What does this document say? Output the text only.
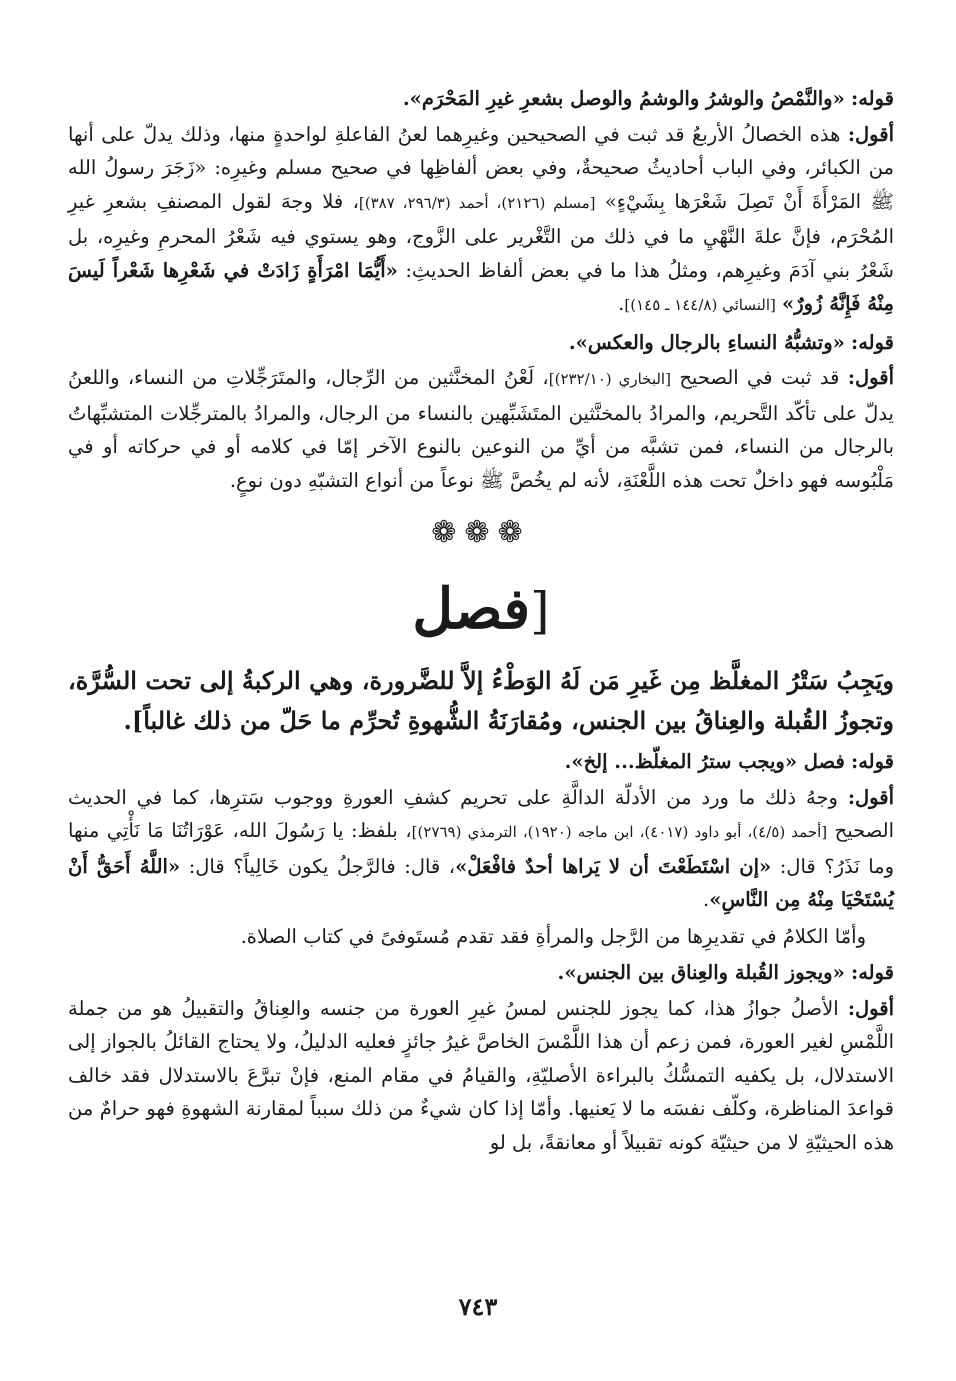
قوله: «والنَّمْصُ والوشرُ والوشمُ والوصل بشعرِ غيرِ المَحْرَم».

أقول: هذه الخصالُ الأربعُ قد ثبت في الصحيحين وغيرِهما لعنُ الفاعلةِ لواحدةٍ منها، وذلك يدلّ على أنها من الكبائر، وفي الباب أحاديثُ صحيحةٌ، وفي بعض ألفاظِها في صحيح مسلم وغيرِه: «زَجَرَ رسولُ الله ﷺ المَرْأَةَ أَنْ تَصِلَ شَعْرَها بِشَيْءٍ» [مسلم (٢١٢٦)، أحمد (٢٩٦/٣، ٣٨٧)]، فلا وجهَ لقول المصنفِ بشعرِ غيرِ المُحْرَم، فإنَّ علةَ النَّهْيِ ما في ذلك من التَّغْرير على الزَّوج، وهو يستوي فيه شَعْرُ المحرمِ وغيرِه، بل شَعْرُ بني آدَمَ وغيرِهم، ومثلُ هذا ما في بعض ألفاظ الحديثِ: «أَيُّمَا امْرَأَةٍ زَادَتْ في شَعْرِها شَعْراً لَيسَ مِنْهُ فَإِنَّهُ زُورٌ» [النسائي (١٤٤/٨ ـ ١٤٥)].

قوله: «وتشبُّهُ النساءِ بالرجال والعكس».

أقول: قد ثبت في الصحيح [البخاري (٢٣٢/١٠)]، لَعْنُ المخنَّثين من الرِّجال، والمتَرَجِّلاتِ من النساء، واللعنُ يدلّ على تأكّد التَّحريم، والمرادُ بالمخنَّثين المتَشَبِّهين بالنساء من الرجال، والمرادُ بالمترجِّلات المتشبِّهاتُ بالرجال من النساء، فمن تشبَّه من أيِّ من النوعين بالنوع الآخر إمّا في كلامه أو في حركاته أو في مَلْبُوسه فهو داخلٌ تحت هذه اللَّعْنَةِ، لأنه لم يخُصَّ ﷺ نوعاً من أنواع التشبّهِ دون نوعٍ.

❁❁❁
[فصل

ويَجِبُ سَتْرُ المغلَّظ مِن غَيرِ مَن لَهُ الوَطْءُ إلاَّ للضَّرورة، وهي الركبةُ إلى تحت السُّرَّة، وتجوزُ القُبلة والعِناقُ بين الجنس، ومُقارَنَةُ الشُّهوةِ تُحرِّم ما حَلّ من ذلك غالباً].

قوله: فصل «ويجب سترُ المغلّظ... إلخ».

أقول: وجهُ ذلك ما ورد من الأدلّة الدالَّةِ على تحريم كشفِ العورةِ ووجوب سَترِها، كما في الحديث الصحيح [أحمد (٤/٥)، أبو داود (٤٠١٧)، ابن ماجه (١٩٢٠)، الترمذي (٢٧٦٩)]، بلفظ: يا رَسُولَ الله، عَوْرَاتُنَا مَا نَأْتِي منها وما نَذَرُ؟ قال: «إن اسْتَطَعْتَ أن لا يَراها أحدٌ فافْعَلْ»، قال: فالرَّجلُ يكون خَالِياً؟ قال: «اللَّهُ أَحَقُّ أَنْ يُسْتَحْيَا مِنْهُ مِن النَّاسِ».

وأمّا الكلامُ في تقديرِها من الرَّجل والمرأةِ فقد تقدم مُستَوفىً في كتاب الصلاة.

قوله: «ويجوز القُبلة والعِناق بين الجنس».

أقول: الأصلُ جوازُ هذا، كما يجوز للجنس لمسُ غيرِ العورة من جنسه والعِناقُ والتقبيلُ هو من جملة اللَّمْسِ لغير العورة، فمن زعم أن هذا اللَّمْسَ الخاصَّ غيرُ جائزٍ فعليه الدليلُ، ولا يحتاج القائلُ بالجواز إلى الاستدلال، بل يكفيه التمسُّكُ بالبراءة الأصليّةِ، والقيامُ في مقام المنع، فإنْ تبرَّعَ بالاستدلال فقد خالف قواعدَ المناظرة، وكلّف نفسَه ما لا يَعنيها. وأمّا إذا كان شيءٌ من ذلك سبباً لمقارنة الشهوةِ فهو حرامٌ من هذه الحيثيّةِ لا من حيثيّة كونه تقبيلاً أو معانقةً، بل لو

٧٤٣
